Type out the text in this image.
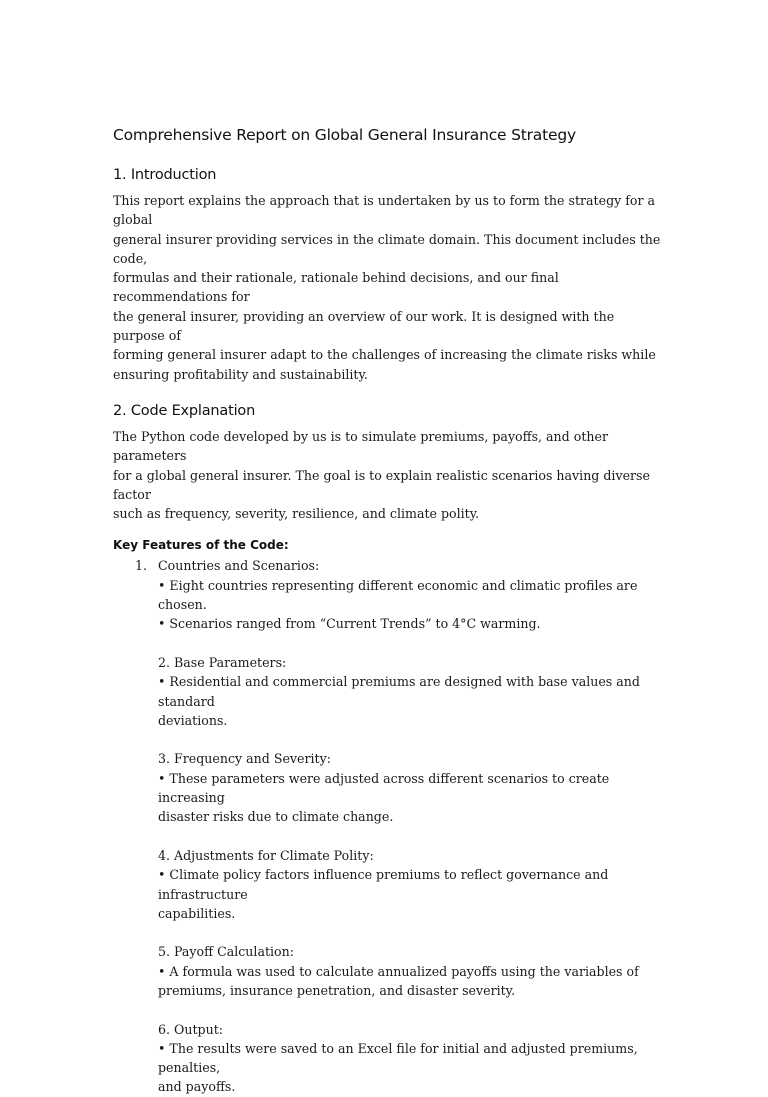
Comprehensive Report on Global General Insurance Strategy
1. Introduction

This report explains the approach that is undertaken by us to form the strategy for a global

general insurer providing services in the climate domain. This document includes the code,

formulas and their rationale, rationale behind decisions, and our final recommendations for

the general insurer, providing an overview of our work. It is designed with the purpose of

forming general insurer adapt to the challenges of increasing the climate risks while

ensuring profitability and sustainability.

2. Code Explanation

The Python code developed by us is to simulate premiums, payoffs, and other parameters

for a global general insurer. The goal is to explain realistic scenarios having diverse factor

such as frequency, severity, resilience, and climate polity.

Key Features of the Code:
1. Countries and Scenarios:

• Eight countries representing different economic and climatic profiles are chosen.

• Scenarios ranged from “Current Trends” to 4°C warming.

2. Base Parameters:

• Residential and commercial premiums are designed with base values and standard

deviations.

3. Frequency and Severity:

• These parameters were adjusted across different scenarios to create increasing

disaster risks due to climate change.

4. Adjustments for Climate Polity:

• Climate policy factors influence premiums to reflect governance and infrastructure

capabilities.

5. Payoff Calculation:

• A formula was used to calculate annualized payoffs using the variables of

premiums, insurance penetration, and disaster severity.

6. Output:

• The results were saved to an Excel file for initial and adjusted premiums, penalties,

and payoffs.
